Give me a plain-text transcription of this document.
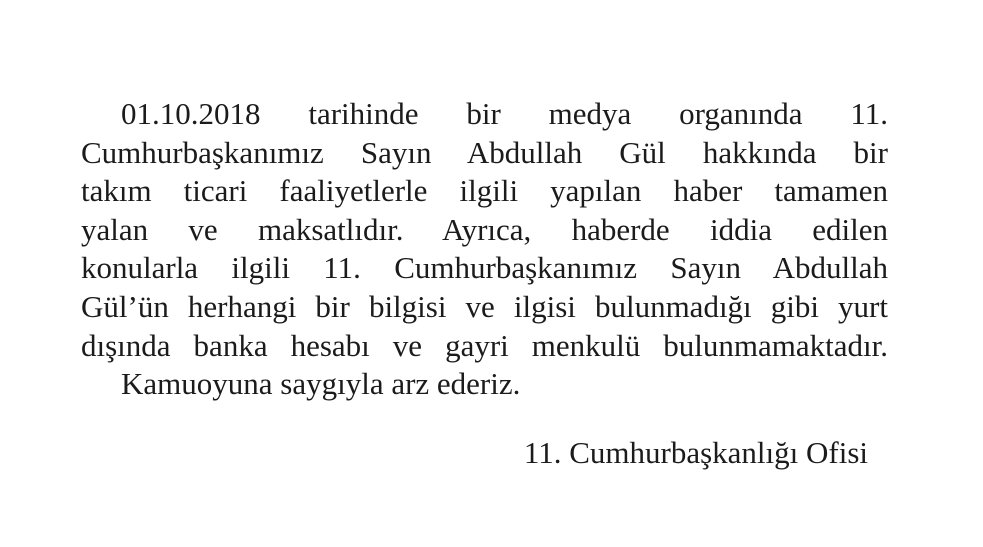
01.10.2018 tarihinde bir medya organında 11.
Cumhurbaşkanımız Sayın Abdullah Gül hakkında bir
takım ticari faaliyetlerle ilgili yapılan haber tamamen
yalan ve maksatlıdır. Ayrıca, haberde iddia edilen
konularla ilgili 11. Cumhurbaşkanımız Sayın Abdullah
Gül’ün herhangi bir bilgisi ve ilgisi bulunmadığı gibi yurt
dışında banka hesabı ve gayri menkulü bulunmamaktadır.
Kamuoyuna saygıyla arz ederiz.
11. Cumhurbaşkanlığı Ofisi
